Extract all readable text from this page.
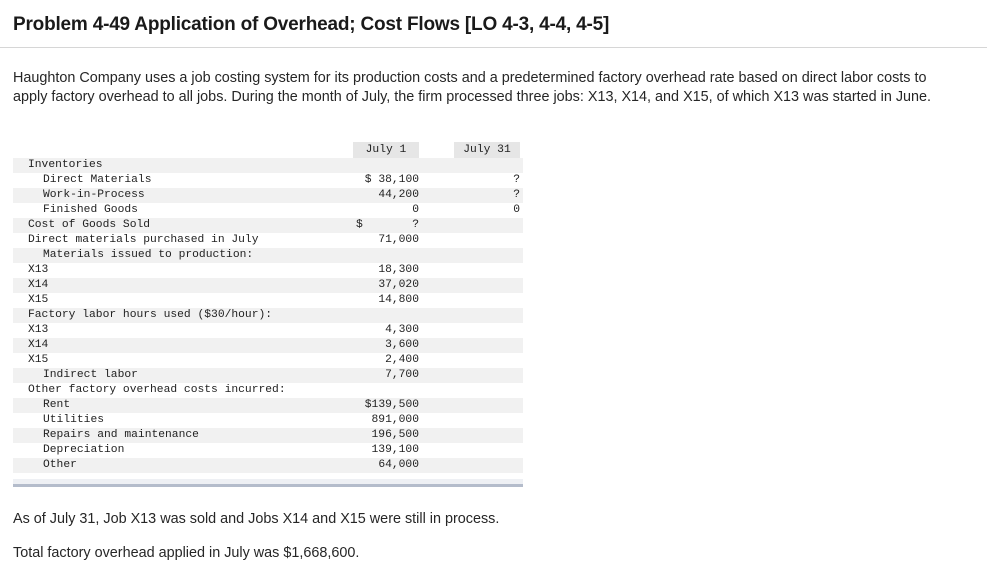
Problem 4-49 Application of Overhead; Cost Flows [LO 4-3, 4-4, 4-5]
Haughton Company uses a job costing system for its production costs and a predetermined factory overhead rate based on direct labor costs to apply factory overhead to all jobs. During the month of July, the firm processed three jobs: X13, X14, and X15, of which X13 was started in June.
July 1	July 31
Inventories
Direct Materials	$ 38,100	?
Work-in-Process	44,200	?
Finished Goods	0	0
Cost of Goods Sold	$	?
Direct materials purchased in July	71,000
Materials issued to production:
X13	18,300
X14	37,020
X15	14,800
Factory labor hours used ($30/hour):
X13	4,300
X14	3,600
X15	2,400
Indirect labor	7,700
Other factory overhead costs incurred:
Rent	$139,500
Utilities	891,000
Repairs and maintenance	196,500
Depreciation	139,100
Other	64,000
As of July 31, Job X13 was sold and Jobs X14 and X15 were still in process.
Total factory overhead applied in July was $1,668,600.
